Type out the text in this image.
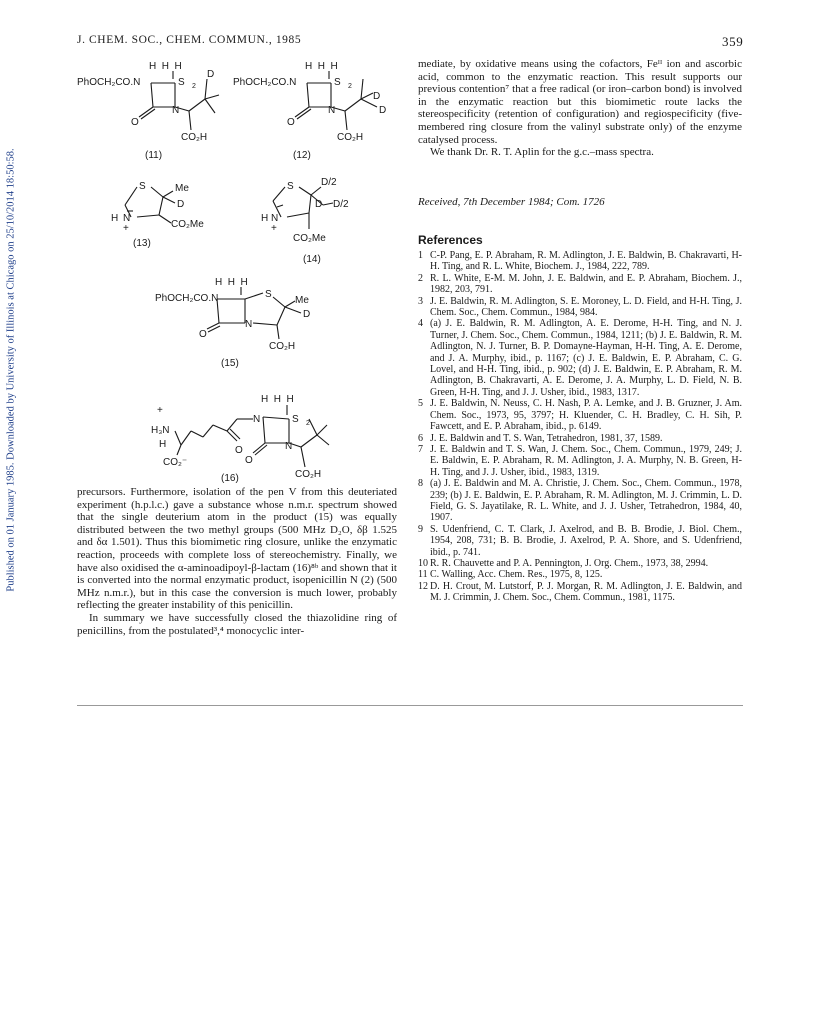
J. CHEM. SOC., CHEM. COMMUN., 1985	359
Published on 01 January 1985. Downloaded by University of Illinois at Chicago on 25/10/2014 18:50:58.
H  H  H
PhOCH₂CO.N	S 2
D
O
N
CO₂H
(11)
H  H  H
PhOCH₂CO.N	S 2
D
D
O
N
CO₂H
(12)
S	Me
D
H N
+	CO₂Me
(13)
S	D/2
D D/2
H N
+
CO₂Me
(14)
H  H  H
PhOCH₂CO.N	S
Me
D
O
N
CO₂H
(15)
+
H₃N
H
CO₂⁻
O
N
H  H  H
S 2
O
N
CO₂H
(16)

precursors. Furthermore, isolation of the pen V from this deuteriated experiment (h.p.l.c.) gave a substance whose n.m.r. spectrum showed that the single deuterium atom in the product (15) was equally distributed between the two methyl groups (500 MHz D₂O, δβ 1.525 and δα 1.501). Thus this biomimetic ring closure, unlike the enzymatic reaction, proceeds with complete loss of stereochemistry. Finally, we have also oxidised the α-aminoadipoyl-β-lactam (16)⁸ᵇ and shown that it is converted into the normal enzymatic product, isopenicillin N (2) (500 MHz n.m.r.), but in this case the conversion is much lower, probably reflecting the greater instability of this penicillin.

In summary we have successfully closed the thiazolidine ring of penicillins, from the postulated³,⁴ monocyclic inter-

mediate, by oxidative means using the cofactors, Feᴵᴵ ion and ascorbic acid, common to the enzymatic reaction. This result supports our previous contention⁷ that a free radical (or iron–carbon bond) is involved in the enzymatic reaction but this biomimetic route lacks the stereospecificity (retention of configuration) and regiospecificity (five-membered ring closure from the valinyl substrate only) of the enzyme catalysed process.

We thank Dr. R. T. Aplin for the g.c.–mass spectra.

Received, 7th December 1984; Com. 1726
References
1 C-P. Pang, E. P. Abraham, R. M. Adlington, J. E. Baldwin, B. Chakravarti, H-H. Ting, and R. L. White, Biochem. J., 1984, 222, 789.
2 R. L. White, E-M. M. John, J. E. Baldwin, and E. P. Abraham, Biochem. J., 1982, 203, 791.
3 J. E. Baldwin, R. M. Adlington, S. E. Moroney, L. D. Field, and H-H. Ting, J. Chem. Soc., Chem. Commun., 1984, 984.
4 (a) J. E. Baldwin, R. M. Adlington, A. E. Derome, H-H. Ting, and N. J. Turner, J. Chem. Soc., Chem. Commun., 1984, 1211; (b) J. E. Baldwin, R. M. Adlington, N. J. Turner, B. P. Domayne-Hayman, H-H. Ting, A. E. Derome, and J. A. Murphy, ibid., p. 1167; (c) J. E. Baldwin, E. P. Abraham, C. G. Lovel, and H-H. Ting, ibid., p. 902; (d) J. E. Baldwin, E. P. Abraham, R. M. Adlington, B. Chakravarti, A. E. Derome, J. A. Murphy, L. D. Field, N. B. Green, H-H. Ting, and J. J. Usher, ibid., 1983, 1317.
5 J. E. Baldwin, N. Neuss, C. H. Nash, P. A. Lemke, and J. B. Gruzner, J. Am. Chem. Soc., 1973, 95, 3797; H. Kluender, C. H. Bradley, C. H. Sih, P. Fawcett, and E. P. Abraham, ibid., p. 6149.
6 J. E. Baldwin and T. S. Wan, Tetrahedron, 1981, 37, 1589.
7 J. E. Baldwin and T. S. Wan, J. Chem. Soc., Chem. Commun., 1979, 249; J. E. Baldwin, E. P. Abraham, R. M. Adlington, J. A. Murphy, N. B. Green, H-H. Ting, and J. J. Usher, ibid., 1983, 1319.
8 (a) J. E. Baldwin and M. A. Christie, J. Chem. Soc., Chem. Commun., 1978, 239; (b) J. E. Baldwin, E. P. Abraham, R. M. Adlington, M. J. Crimmin, L. D. Field, G. S. Jayatilake, R. L. White, and J. J. Usher, Tetrahedron, 1984, 40, 1907.
9 S. Udenfriend, C. T. Clark, J. Axelrod, and B. B. Brodie, J. Biol. Chem., 1954, 208, 731; B. B. Brodie, J. Axelrod, P. A. Shore, and S. Udenfriend, ibid., p. 741.
10 R. R. Chauvette and P. A. Pennington, J. Org. Chem., 1973, 38, 2994.
11 C. Walling, Acc. Chem. Res., 1975, 8, 125.
12 D. H. Crout, M. Lutstorf, P. J. Morgan, R. M. Adlington, J. E. Baldwin, and M. J. Crimmin, J. Chem. Soc., Chem. Commun., 1981, 1175.
